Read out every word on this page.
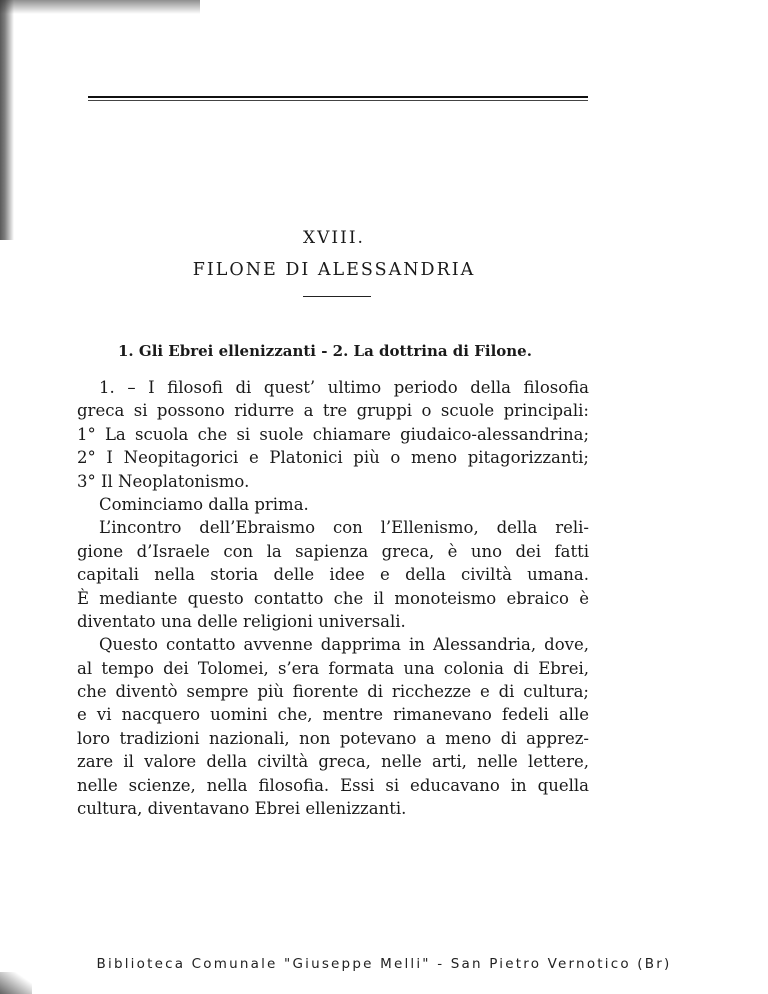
XVIII.
FILONE DI ALESSANDRIA
1. Gli Ebrei ellenizzanti - 2. La dottrina di Filone.
1. – I filosofi di quest’ ultimo periodo della filosofia
greca si possono ridurre a tre gruppi o scuole principali:
1° La scuola che si suole chiamare giudaico-alessandrina;
2° I Neopitagorici e Platonici più o meno pitagorizzanti;
3° Il Neoplatonismo.
Cominciamo dalla prima.
L’incontro dell’Ebraismo con l’Ellenismo, della reli-
gione d’Israele con la sapienza greca, è uno dei fatti
capitali nella storia delle idee e della civiltà umana.
È mediante questo contatto che il monoteismo ebraico è
diventato una delle religioni universali.
Questo contatto avvenne dapprima in Alessandria, dove,
al tempo dei Tolomei, s’era formata una colonia di Ebrei,
che diventò sempre più fiorente di ricchezze e di cultura;
e vi nacquero uomini che, mentre rimanevano fedeli alle
loro tradizioni nazionali, non potevano a meno di apprez-
zare il valore della civiltà greca, nelle arti, nelle lettere,
nelle scienze, nella filosofia. Essi si educavano in quella
cultura, diventavano Ebrei ellenizzanti.
Biblioteca Comunale "Giuseppe Melli" - San Pietro Vernotico (Br)
